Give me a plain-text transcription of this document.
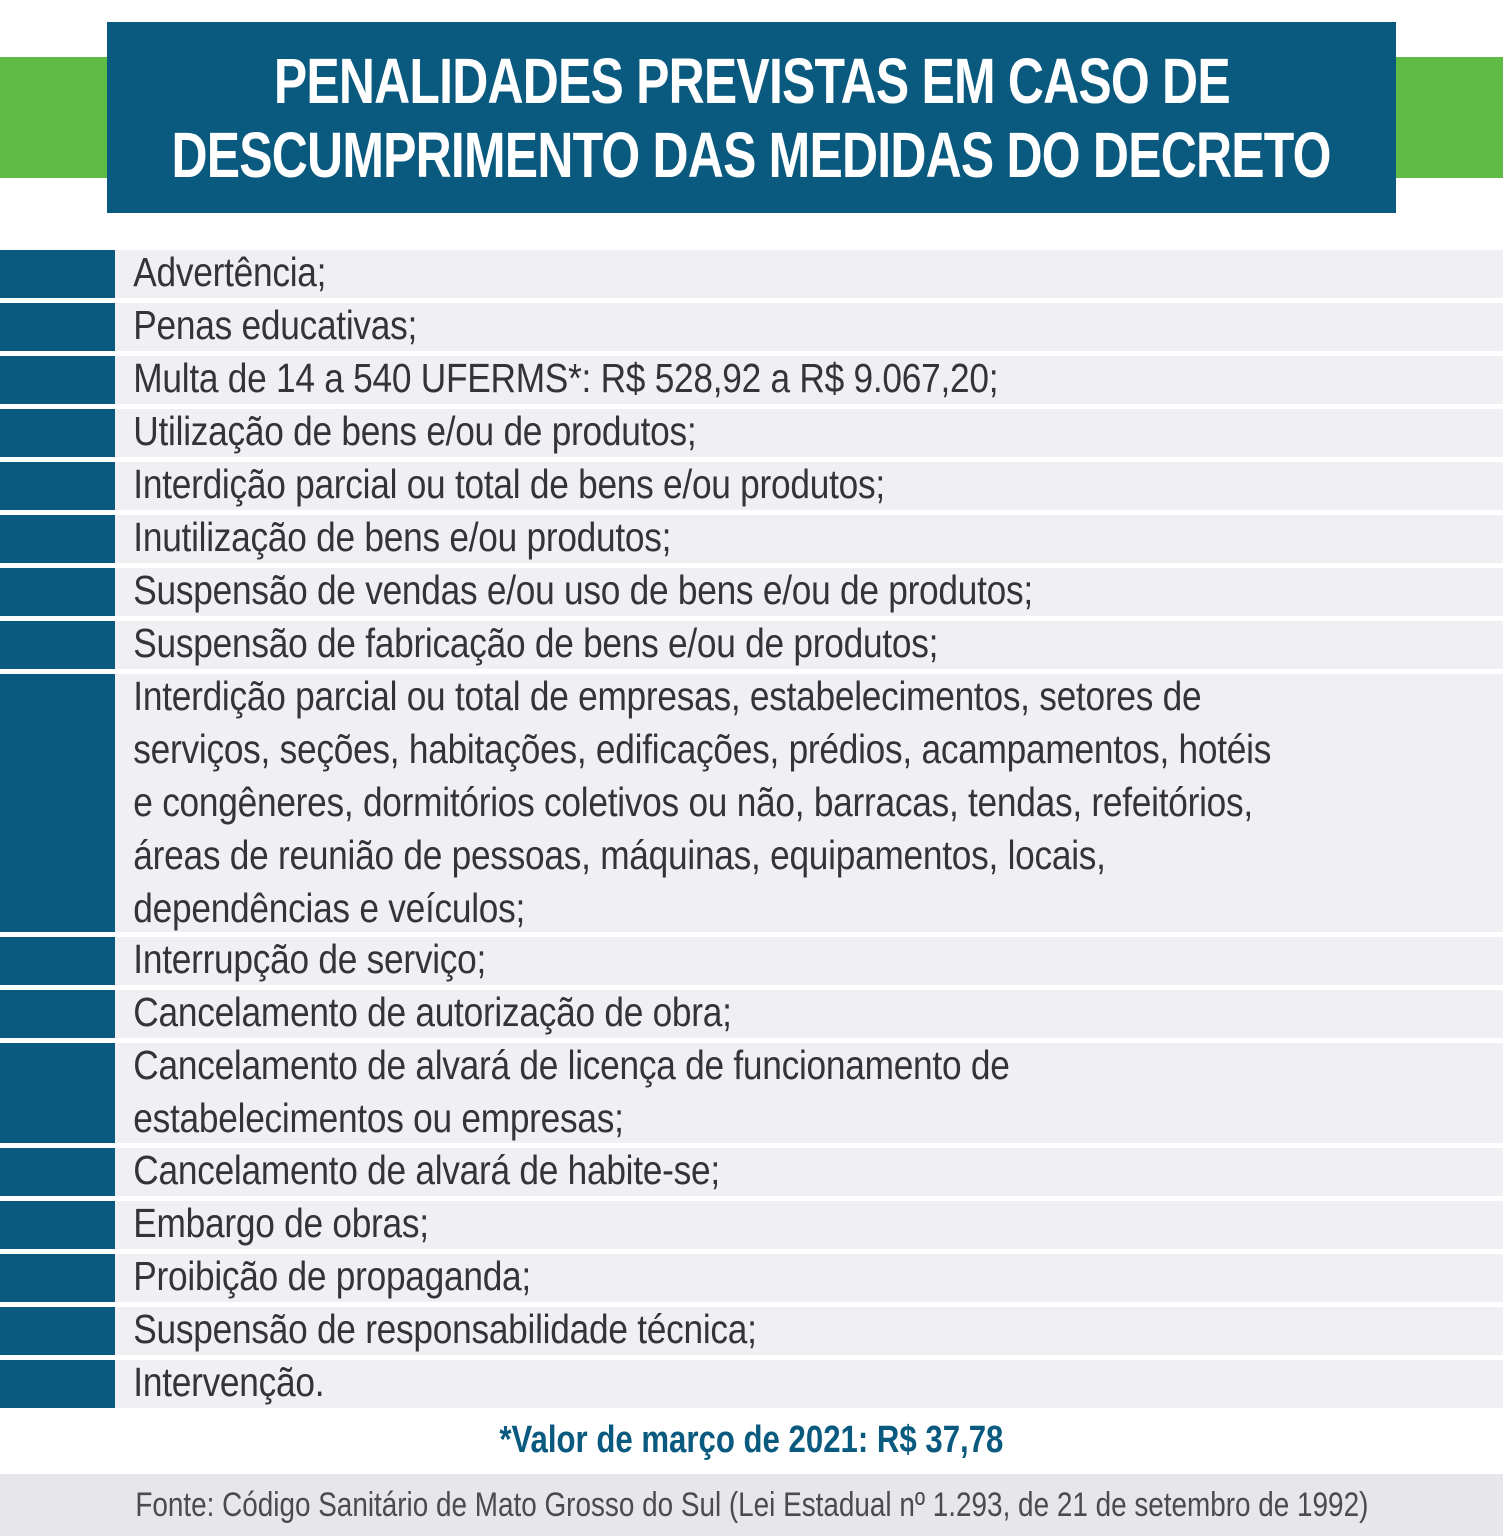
PENALIDADES PREVISTAS EM CASO DE
DESCUMPRIMENTO DAS MEDIDAS DO DECRETO
Advertência;
Penas educativas;
Multa de 14 a 540 UFERMS*: R$ 528,92 a R$ 9.067,20;
Utilização de bens e/ou de produtos;
Interdição parcial ou total de bens e/ou produtos;
Inutilização de bens e/ou produtos;
Suspensão de vendas e/ou uso de bens e/ou de produtos;
Suspensão de fabricação de bens e/ou de produtos;
Interdição parcial ou total de empresas, estabelecimentos, setores de serviços, seções, habitações, edificações, prédios, acampamentos, hotéis e congêneres, dormitórios coletivos ou não, barracas, tendas, refeitórios, áreas de reunião de pessoas, máquinas, equipamentos, locais, dependências e veículos;
Interrupção de serviço;
Cancelamento de autorização de obra;
Cancelamento de alvará de licença de funcionamento de estabelecimentos ou empresas;
Cancelamento de alvará de habite-se;
Embargo de obras;
Proibição de propaganda;
Suspensão de responsabilidade técnica;
Intervenção.
*Valor de março de 2021: R$ 37,78
Fonte: Código Sanitário de Mato Grosso do Sul (Lei Estadual nº 1.293, de 21 de setembro de 1992)
